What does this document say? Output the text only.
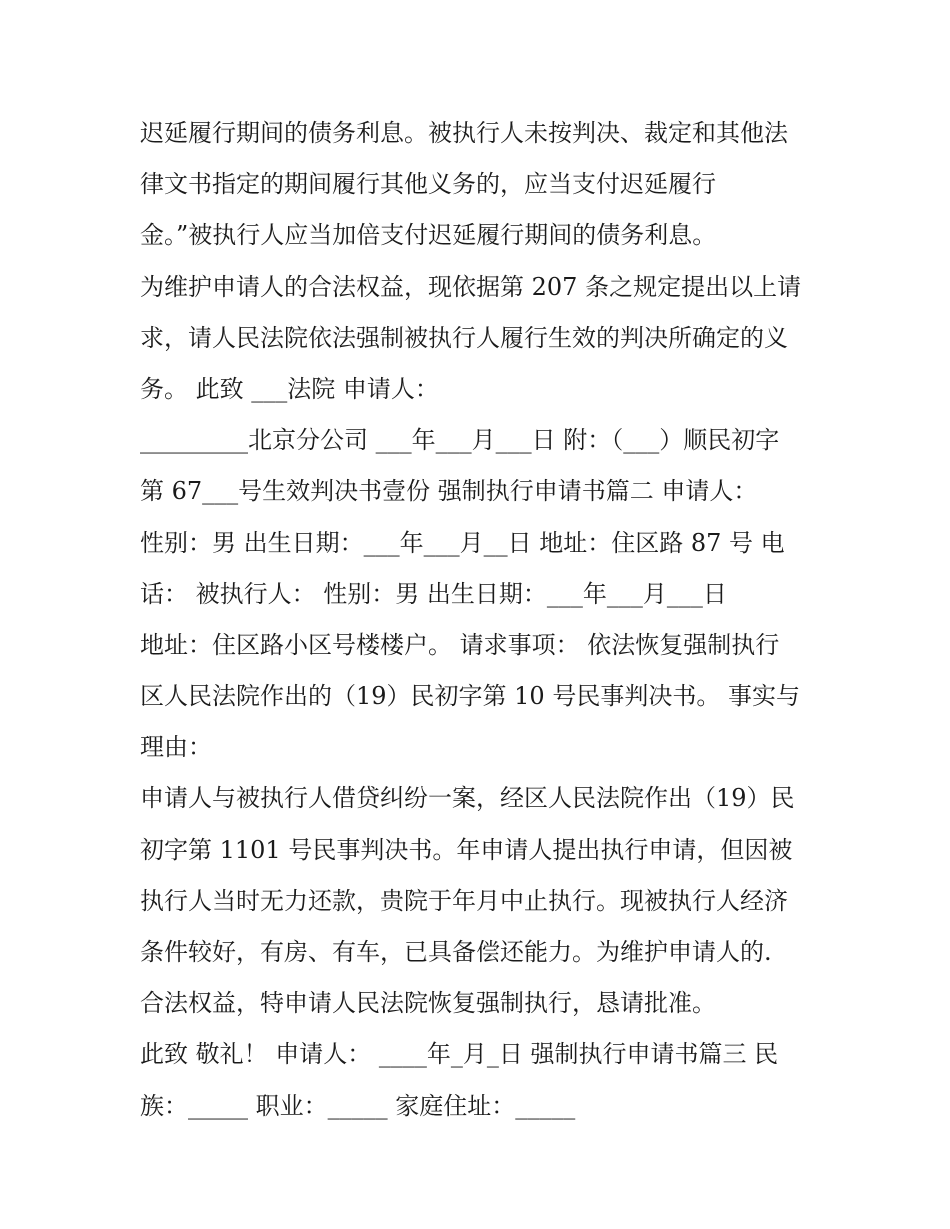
迟延履行期间的债务利息。被执行人未按判决、裁定和其他法
律文书指定的期间履行其他义务的，应当支付迟延履行
金。”被执行人应当加倍支付迟延履行期间的债务利息。
为维护申请人的合法权益，现依据第 207 条之规定提出以上请
求，请人民法院依法强制被执行人履行生效的判决所确定的义
务。 此致 ___法院 申请人：
_________北京分公司 ___年___月___日 附：（___）顺民初字
第 67___号生效判决书壹份 强制执行申请书篇二 申请人：
性别：男 出生日期：___年___月__日 地址：住区路 87 号 电
话： 被执行人： 性别：男 出生日期：___年___月___日
地址：住区路小区号楼楼户。 请求事项： 依法恢复强制执行
区人民法院作出的（19）民初字第 10 号民事判决书。 事实与
理由：
申请人与被执行人借贷纠纷一案，经区人民法院作出（19）民
初字第 1101 号民事判决书。年申请人提出执行申请，但因被
执行人当时无力还款，贵院于年月中止执行。现被执行人经济
条件较好，有房、有车，已具备偿还能力。为维护申请人的.
合法权益，特申请人民法院恢复强制执行，恳请批准。
此致 敬礼！ 申请人： ____年_月_日 强制执行申请书篇三 民
族：_____ 职业：_____ 家庭住址：_____
